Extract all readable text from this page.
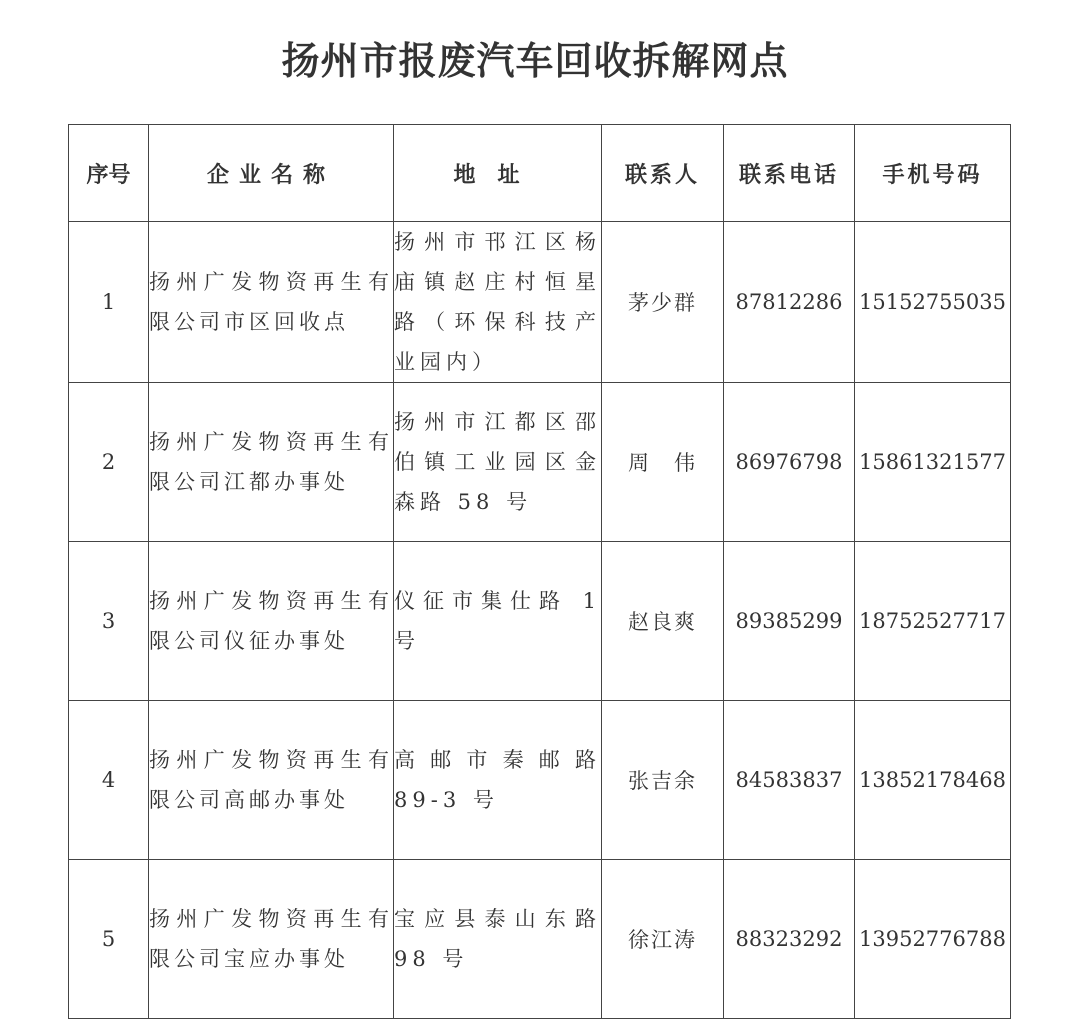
扬州市报废汽车回收拆解网点
序号	企业名称	地址	联系人	联系电话	手机号码
1	扬州广发物资再生有限公司市区回收点	扬州市邗江区杨庙镇赵庄村恒星路（环保科技产业园内）	茅少群	87812286	15152755035
2	扬州广发物资再生有限公司江都办事处	扬州市江都区邵伯镇工业园区金森路 58 号	周　伟	86976798	15861321577
3	扬州广发物资再生有限公司仪征办事处	仪征市集仕路 1 号	赵良爽	89385299	18752527717
4	扬州广发物资再生有限公司高邮办事处	高邮市秦邮路 89-3 号	张吉余	84583837	13852178468
5	扬州广发物资再生有限公司宝应办事处	宝应县泰山东路 98 号	徐江涛	88323292	13952776788
